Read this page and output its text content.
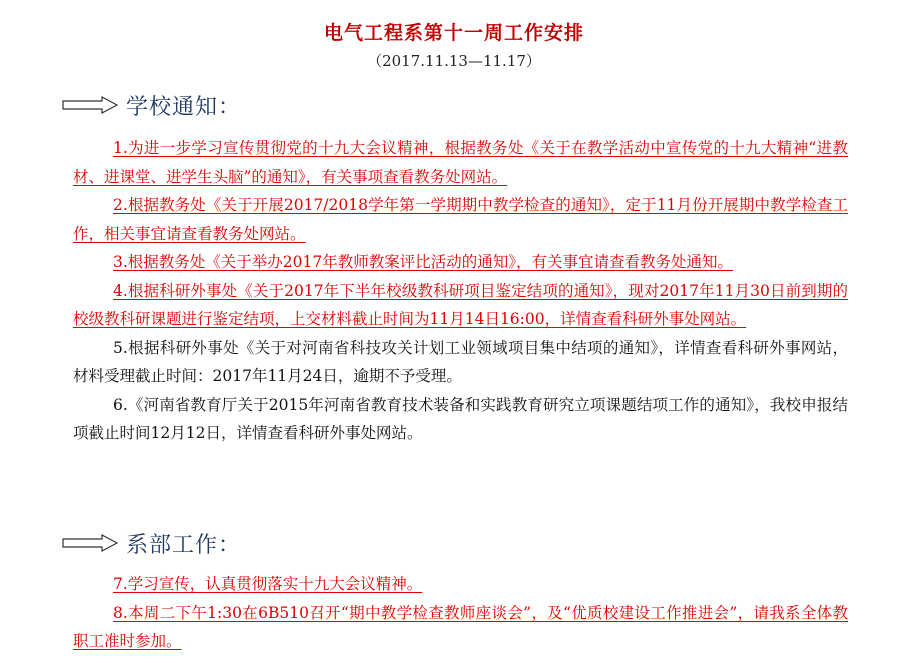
电气工程系第十一周工作安排
（2017.11.13—11.17）
学校通知：

1.为进一步学习宣传贯彻党的十九大会议精神，根据教务处《关于在教学活动中宣传党的十九大精神“进教材、进课堂、进学生头脑”的通知》，有关事项查看教务处网站。

2.根据教务处《关于开展2017/2018学年第一学期期中教学检查的通知》，定于11月份开展期中教学检查工作，相关事宜请查看教务处网站。

3.根据教务处《关于举办2017年教师教案评比活动的通知》，有关事宜请查看教务处通知。

4.根据科研外事处《关于2017年下半年校级教科研项目鉴定结项的通知》，现对2017年11月30日前到期的校级教科研课题进行鉴定结项，上交材料截止时间为11月14日16:00，详情查看科研外事处网站。

5.根据科研外事处《关于对河南省科技攻关计划工业领域项目集中结项的通知》，详情查看科研外事网站，材料受理截止时间：2017年11月24日，逾期不予受理。

6.《河南省教育厅关于2015年河南省教育技术装备和实践教育研究立项课题结项工作的通知》，我校申报结项截止时间12月12日，详情查看科研外事处网站。

系部工作：

7.学习宣传，认真贯彻落实十九大会议精神。

8.本周二下午1:30在6B510召开“期中教学检查教师座谈会”，及“优质校建设工作推进会”，请我系全体教职工准时参加。
